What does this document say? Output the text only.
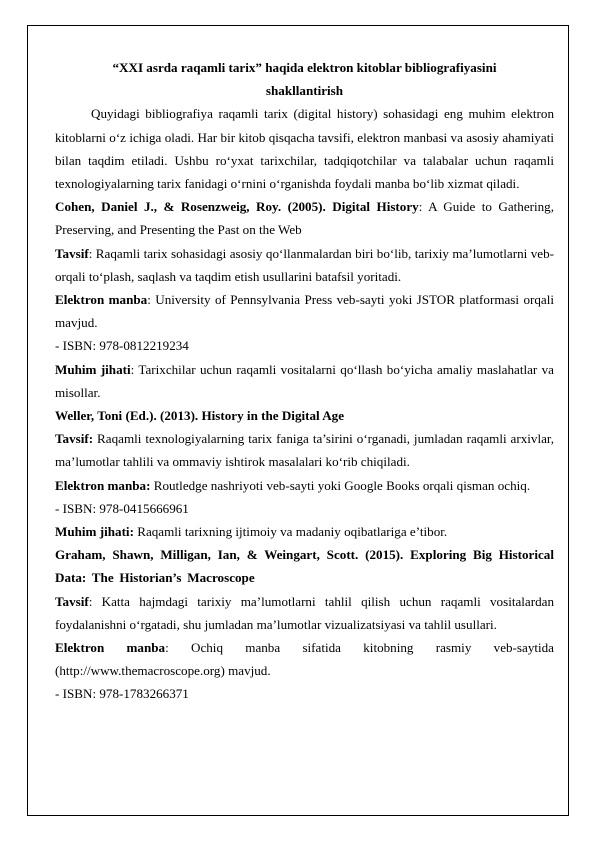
“XXI asrda raqamli tarix” haqida elektron kitoblar bibliografiyasini

shakllantirish

Quyidagi bibliografiya raqamli tarix (digital history) sohasidagi eng muhim elektron kitoblarni o‘z ichiga oladi. Har bir kitob qisqacha tavsifi, elektron manbasi va asosiy ahamiyati bilan taqdim etiladi. Ushbu ro‘yxat tarixchilar, tadqiqotchilar va talabalar uchun raqamli texnologiyalarning tarix fanidagi o‘rnini o‘rganishda foydali manba bo‘lib xizmat qiladi.

Cohen, Daniel J., & Rosenzweig, Roy. (2005). Digital History: A Guide to Gathering, Preserving, and Presenting the Past on the Web

Tavsif: Raqamli tarix sohasidagi asosiy qo‘llanmalardan biri bo‘lib, tarixiy ma’lumotlarni veb-orqali to‘plash, saqlash va taqdim etish usullarini batafsil yoritadi.

Elektron manba: University of Pennsylvania Press veb-sayti yoki JSTOR platformasi orqali mavjud.

- ISBN: 978-0812219234

Muhim jihati: Tarixchilar uchun raqamli vositalarni qo‘llash bo‘yicha amaliy maslahatlar va misollar.

Weller, Toni (Ed.). (2013). History in the Digital Age

Tavsif: Raqamli texnologiyalarning tarix faniga ta’sirini o‘rganadi, jumladan raqamli arxivlar, ma’lumotlar tahlili va ommaviy ishtirok masalalari ko‘rib chiqiladi.

Elektron manba: Routledge nashriyoti veb-sayti yoki Google Books orqali qisman ochiq.

- ISBN: 978-0415666961

Muhim jihati: Raqamli tarixning ijtimoiy va madaniy oqibatlariga e’tibor.

Graham, Shawn, Milligan, Ian, & Weingart, Scott. (2015). Exploring Big Historical Data: The Historian’s Macroscope

Tavsif: Katta hajmdagi tarixiy ma’lumotlarni tahlil qilish uchun raqamli vositalardan foydalanishni o‘rgatadi, shu jumladan ma’lumotlar vizualizatsiyasi va tahlil usullari.

Elektron manba: Ochiq manba sifatida kitobning rasmiy veb-saytida (http://www.themacroscope.org) mavjud.

- ISBN: 978-1783266371
